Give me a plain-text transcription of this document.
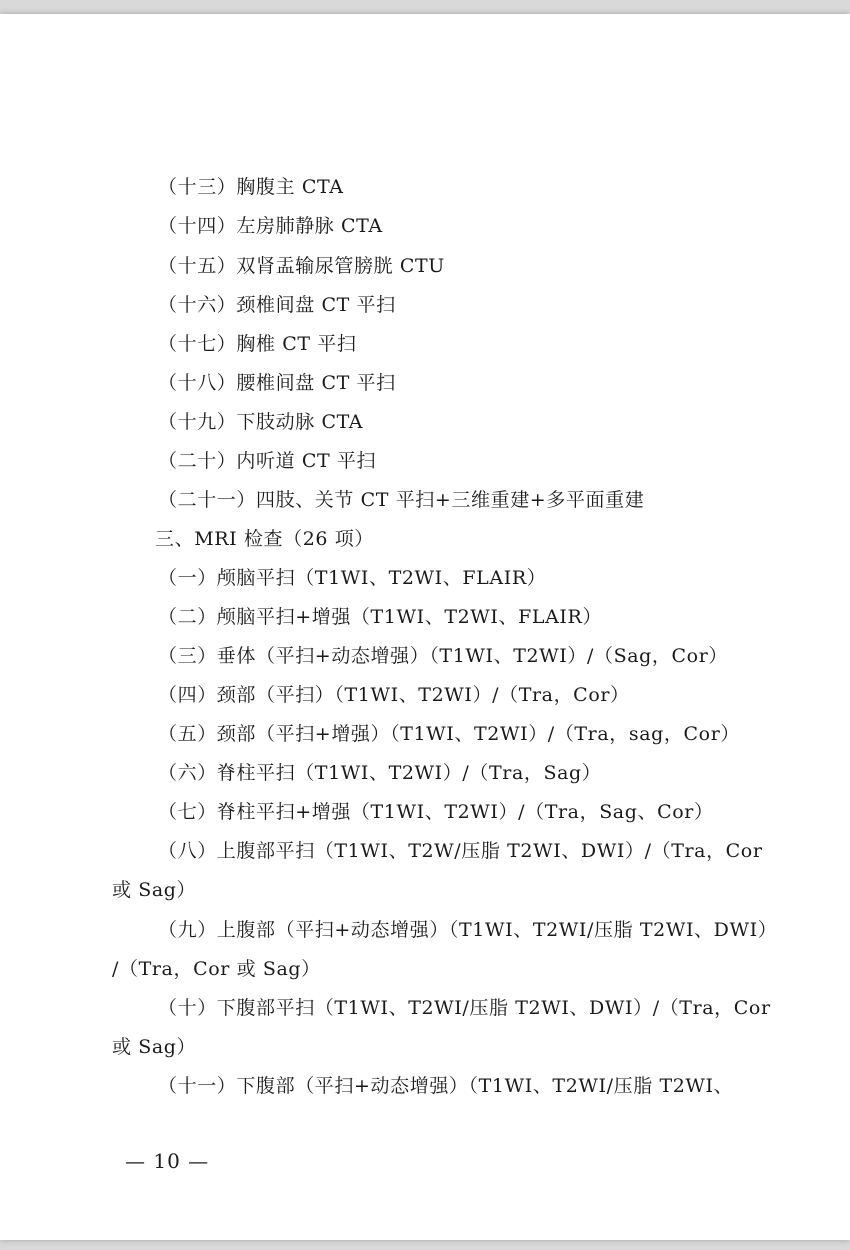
（十三）胸腹主 CTA
（十四）左房肺静脉 CTA
（十五）双肾盂输尿管膀胱 CTU
（十六）颈椎间盘 CT 平扫
（十七）胸椎 CT 平扫
（十八）腰椎间盘 CT 平扫
（十九）下肢动脉 CTA
（二十）内听道 CT 平扫
（二十一）四肢、关节 CT 平扫+三维重建+多平面重建
三、MRI 检查（26 项）
（一）颅脑平扫（T1WI、T2WI、FLAIR）
（二）颅脑平扫+增强（T1WI、T2WI、FLAIR）
（三）垂体（平扫+动态增强）（T1WI、T2WI）/（Sag，Cor）
（四）颈部（平扫）（T1WI、T2WI）/（Tra，Cor）
（五）颈部（平扫+增强）（T1WI、T2WI）/（Tra，sag，Cor）
（六）脊柱平扫（T1WI、T2WI）/（Tra，Sag）
（七）脊柱平扫+增强（T1WI、T2WI）/（Tra，Sag、Cor）
（八）上腹部平扫（T1WI、T2W/压脂 T2WI、DWI）/（Tra，Cor
或 Sag）
（九）上腹部（平扫+动态增强）（T1WI、T2WI/压脂 T2WI、DWI）
/（Tra，Cor 或 Sag）
（十）下腹部平扫（T1WI、T2WI/压脂 T2WI、DWI）/（Tra，Cor
或 Sag）
（十一）下腹部（平扫+动态增强）（T1WI、T2WI/压脂 T2WI、
— 10 —
